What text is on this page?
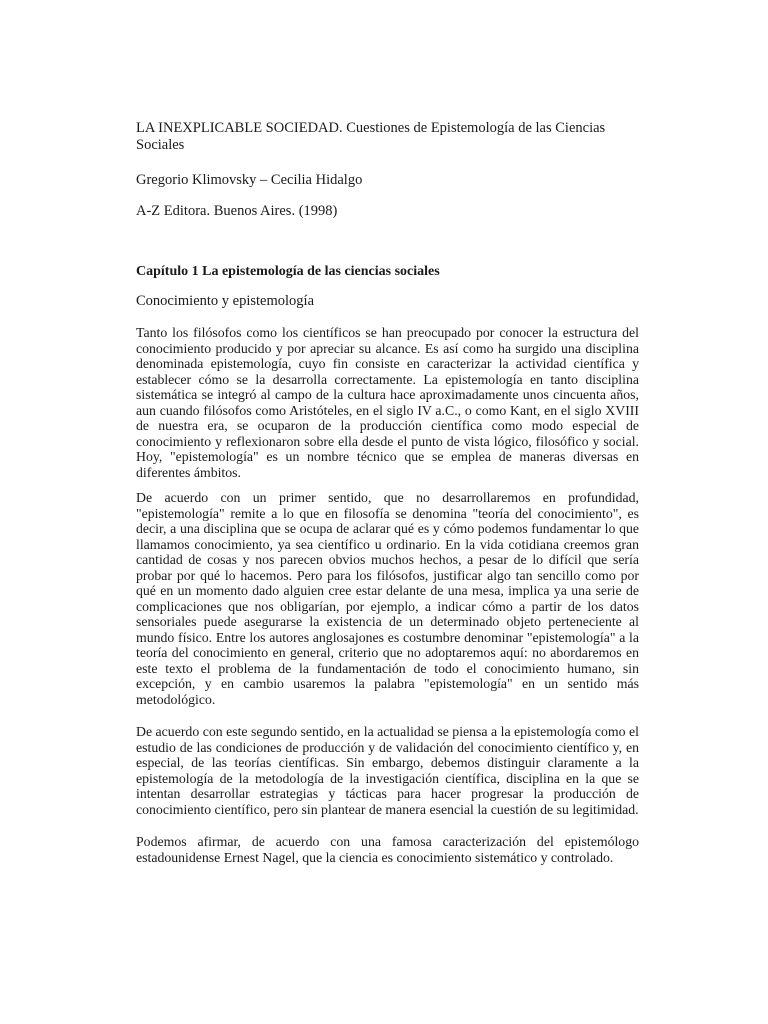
LA INEXPLICABLE SOCIEDAD. Cuestiones de Epistemología de las Ciencias Sociales

Gregorio Klimovsky – Cecilia Hidalgo

A-Z Editora. Buenos Aires. (1998)

Capítulo 1 La epistemología de las ciencias sociales

Conocimiento y epistemología

Tanto los filósofos como los científicos se han preocupado por conocer la estructura del conocimiento producido y por apreciar su alcance. Es así como ha surgido una disciplina denominada epistemología, cuyo fin consiste en caracterizar la actividad científica y establecer cómo se la desarrolla correctamente. La epistemología en tanto disciplina sistemática se integró al campo de la cultura hace aproximadamente unos cincuenta años, aun cuando filósofos como Aristóteles, en el siglo IV a.C., o como Kant, en el siglo XVIII de nuestra era, se ocuparon de la producción científica como modo especial de conocimiento y reflexionaron sobre ella desde el punto de vista lógico, filosófico y social. Hoy, "epistemología" es un nombre técnico que se emplea de maneras diversas en diferentes ámbitos.

De acuerdo con un primer sentido, que no desarrollaremos en profundidad, "epistemología" remite a lo que en filosofía se denomina "teoría del conocimiento", es decir, a una disciplina que se ocupa de aclarar qué es y cómo podemos fundamentar lo que llamamos conocimiento, ya sea científico u ordinario. En la vida cotidiana creemos gran cantidad de cosas y nos parecen obvios muchos hechos, a pesar de lo difícil que sería probar por qué lo hacemos. Pero para los filósofos, justificar algo tan sencillo como por qué en un momento dado alguien cree estar delante de una mesa, implica ya una serie de complicaciones que nos obligarían, por ejemplo, a indicar cómo a partir de los datos sensoriales puede asegurarse la existencia de un determinado objeto perteneciente al mundo físico. Entre los autores anglosajones es costumbre denominar "epistemología" a la teoría del conocimiento en general, criterio que no adoptaremos aquí: no abordaremos en este texto el problema de la fundamentación de todo el conocimiento humano, sin excepción, y en cambio usaremos la palabra "epistemología" en un sentido más metodológico.

De acuerdo con este segundo sentido, en la actualidad se piensa a la epistemología como el estudio de las condiciones de producción y de validación del conocimiento científico y, en especial, de las teorías científicas. Sin embargo, debemos distinguir claramente a la epistemología de la metodología de la investigación científica, disciplina en la que se intentan desarrollar estrategias y tácticas para hacer progresar la producción de conocimiento científico, pero sin plantear de manera esencial la cuestión de su legitimidad.

Podemos afirmar, de acuerdo con una famosa caracterización del epistemólogo estadounidense Ernest Nagel, que la ciencia es conocimiento sistemático y controlado.
